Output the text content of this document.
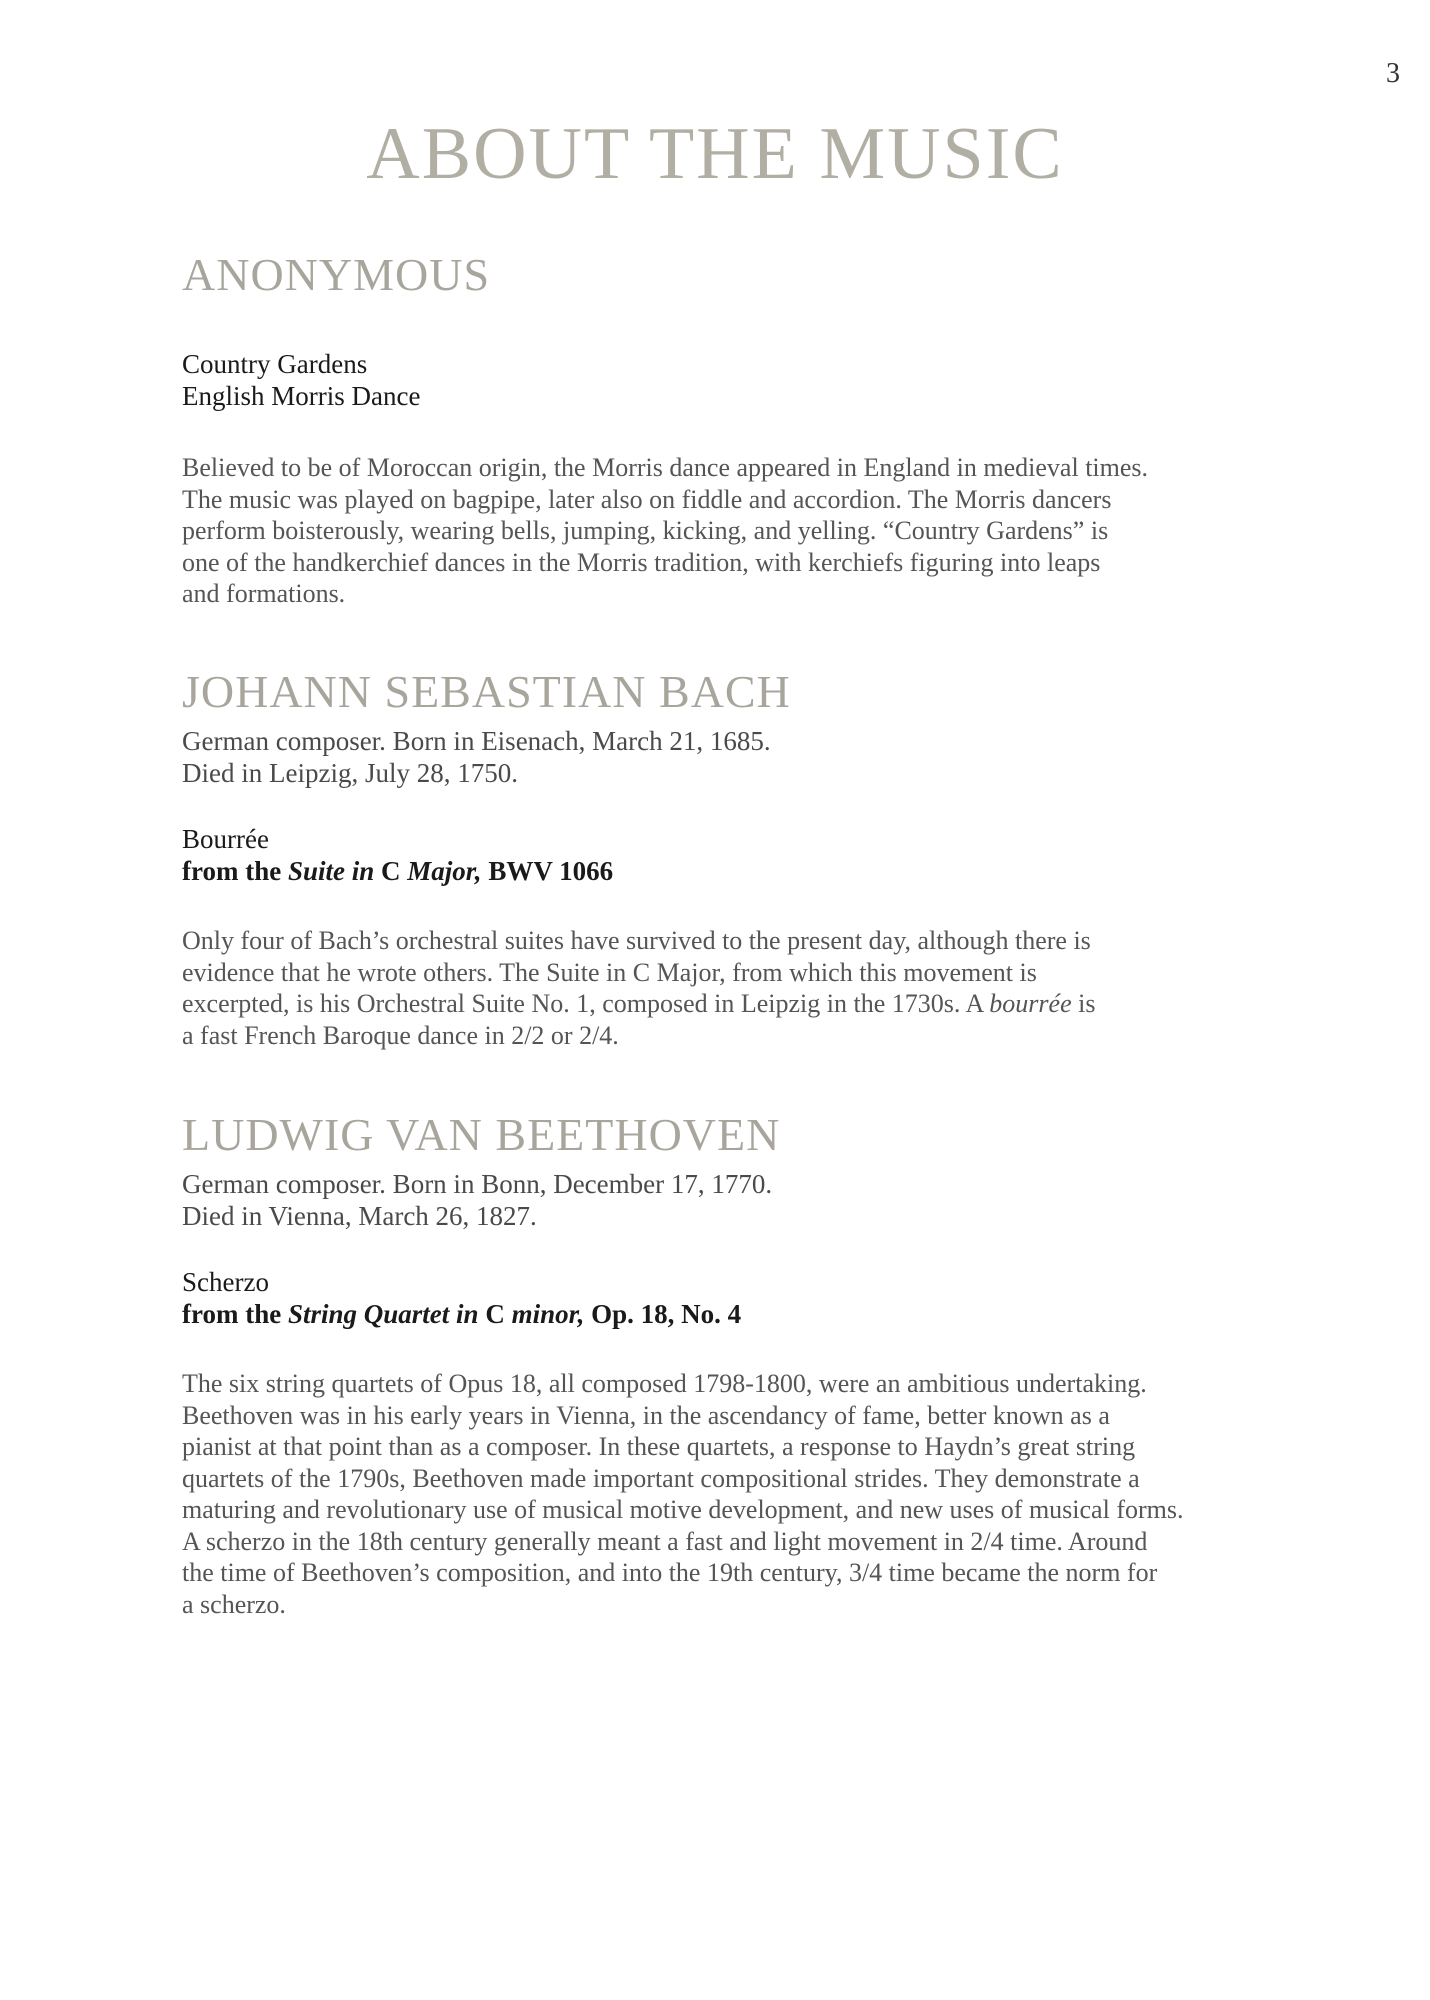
3
ABOUT THE MUSIC
ANONYMOUS

Country Gardens

English Morris Dance

Believed to be of Moroccan origin, the Morris dance appeared in England in medieval times.

The music was played on bagpipe, later also on fiddle and accordion. The Morris dancers

perform boisterously, wearing bells, jumping, kicking, and yelling. “Country Gardens” is

one of the handkerchief dances in the Morris tradition, with kerchiefs figuring into leaps

and formations.

JOHANN SEBASTIAN BACH

German composer. Born in Eisenach, March 21, 1685.

Died in Leipzig, July 28, 1750.

Bourrée

from the Suite in C Major, BWV 1066

Only four of Bach’s orchestral suites have survived to the present day, although there is

evidence that he wrote others. The Suite in C Major, from which this movement is

excerpted, is his Orchestral Suite No. 1, composed in Leipzig in the 1730s. A bourrée is

a fast French Baroque dance in 2/2 or 2/4.

LUDWIG VAN BEETHOVEN

German composer. Born in Bonn, December 17, 1770.

Died in Vienna, March 26, 1827.

Scherzo

from the String Quartet in C minor, Op. 18, No. 4

The six string quartets of Opus 18, all composed 1798-1800, were an ambitious undertaking.

Beethoven was in his early years in Vienna, in the ascendancy of fame, better known as a

pianist at that point than as a composer. In these quartets, a response to Haydn’s great string

quartets of the 1790s, Beethoven made important compositional strides. They demonstrate a

maturing and revolutionary use of musical motive development, and new uses of musical forms.

A scherzo in the 18th century generally meant a fast and light movement in 2/4 time. Around

the time of Beethoven’s composition, and into the 19th century, 3/4 time became the norm for

a scherzo.
